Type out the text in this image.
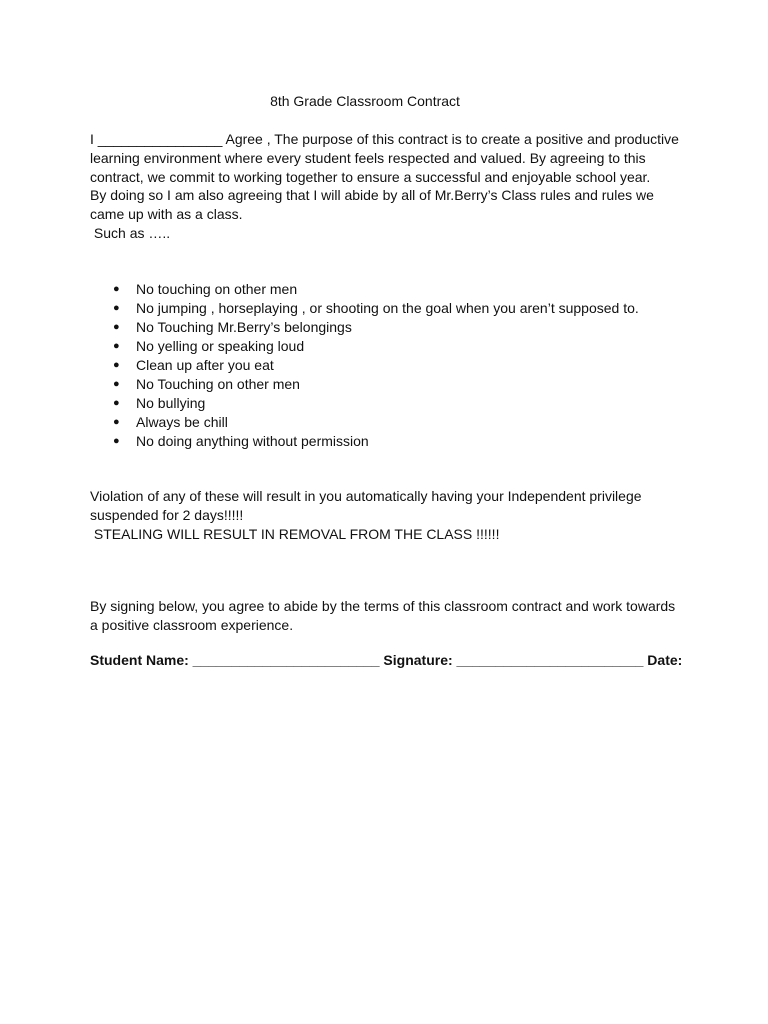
8th Grade Classroom Contract

I ________________ Agree , The purpose of this contract is to create a positive and productive

learning environment where every student feels respected and valued. By agreeing to this

contract, we commit to working together to ensure a successful and enjoyable school year.

By doing so I am also agreeing that I will abide by all of Mr.Berry’s Class rules and rules we

came up with as a class.

Such as …..

● No touching on other men
● No jumping , horseplaying , or shooting on the goal when you aren’t supposed to.
● No Touching Mr.Berry’s belongings
● No yelling or speaking loud
● Clean up after you eat
● No Touching on other men
● No bullying
● Always be chill
● No doing anything without permission

Violation of any of these will result in you automatically having your Independent privilege

suspended for 2 days!!!!!

STEALING WILL RESULT IN REMOVAL FROM THE CLASS !!!!!!

By signing below, you agree to abide by the terms of this classroom contract and work towards

a positive classroom experience.

Student Name: ________________________ Signature: ________________________ Date:
